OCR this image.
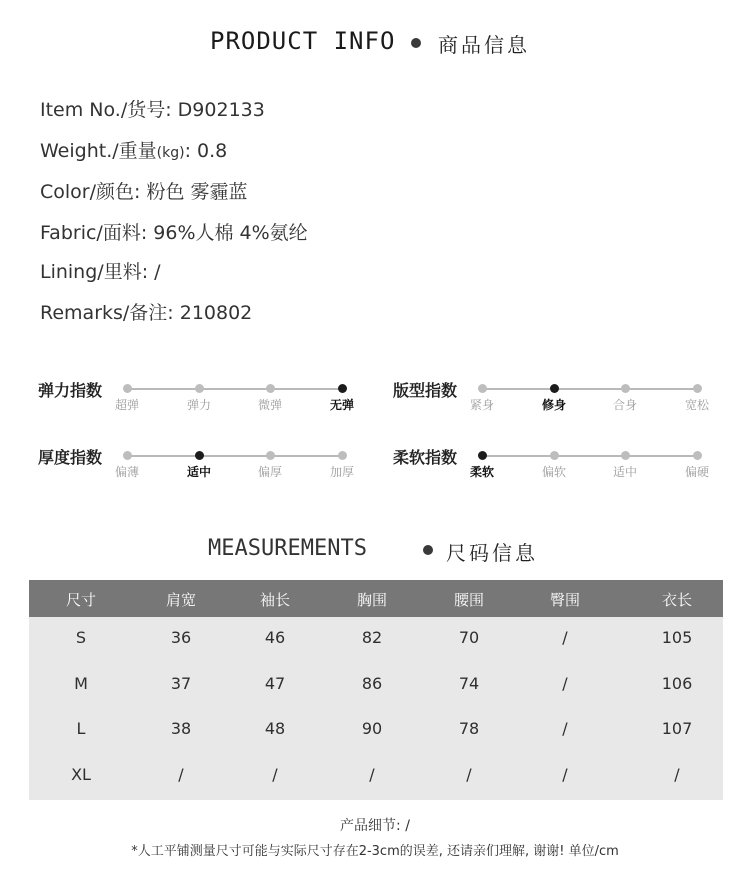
PRODUCT INFO 商品信息
Item No./货号: D902133
Weight./重量(kg): 0.8
Color/颜色: 粉色 雾霾蓝
Fabric/面料: 96%人棉 4%氨纶
Lining/里料: /
Remarks/备注: 210802
弹力指数
超弹	弹力	微弹	无弹
版型指数
紧身	修身	合身	宽松
厚度指数
偏薄	适中	偏厚	加厚
柔软指数
柔软	偏软	适中	偏硬
MEASUREMENTS	尺码信息
尺寸	肩宽	袖长	胸围	腰围	臀围	衣长
S	36	46	82	70	/	105
M	37	47	86	74	/	106
L	38	48	90	78	/	107
XL	/	/	/	/	/	/
产品细节: /
*人工平铺测量尺寸可能与实际尺寸存在2-3cm的误差, 还请亲们理解, 谢谢! 单位/cm
